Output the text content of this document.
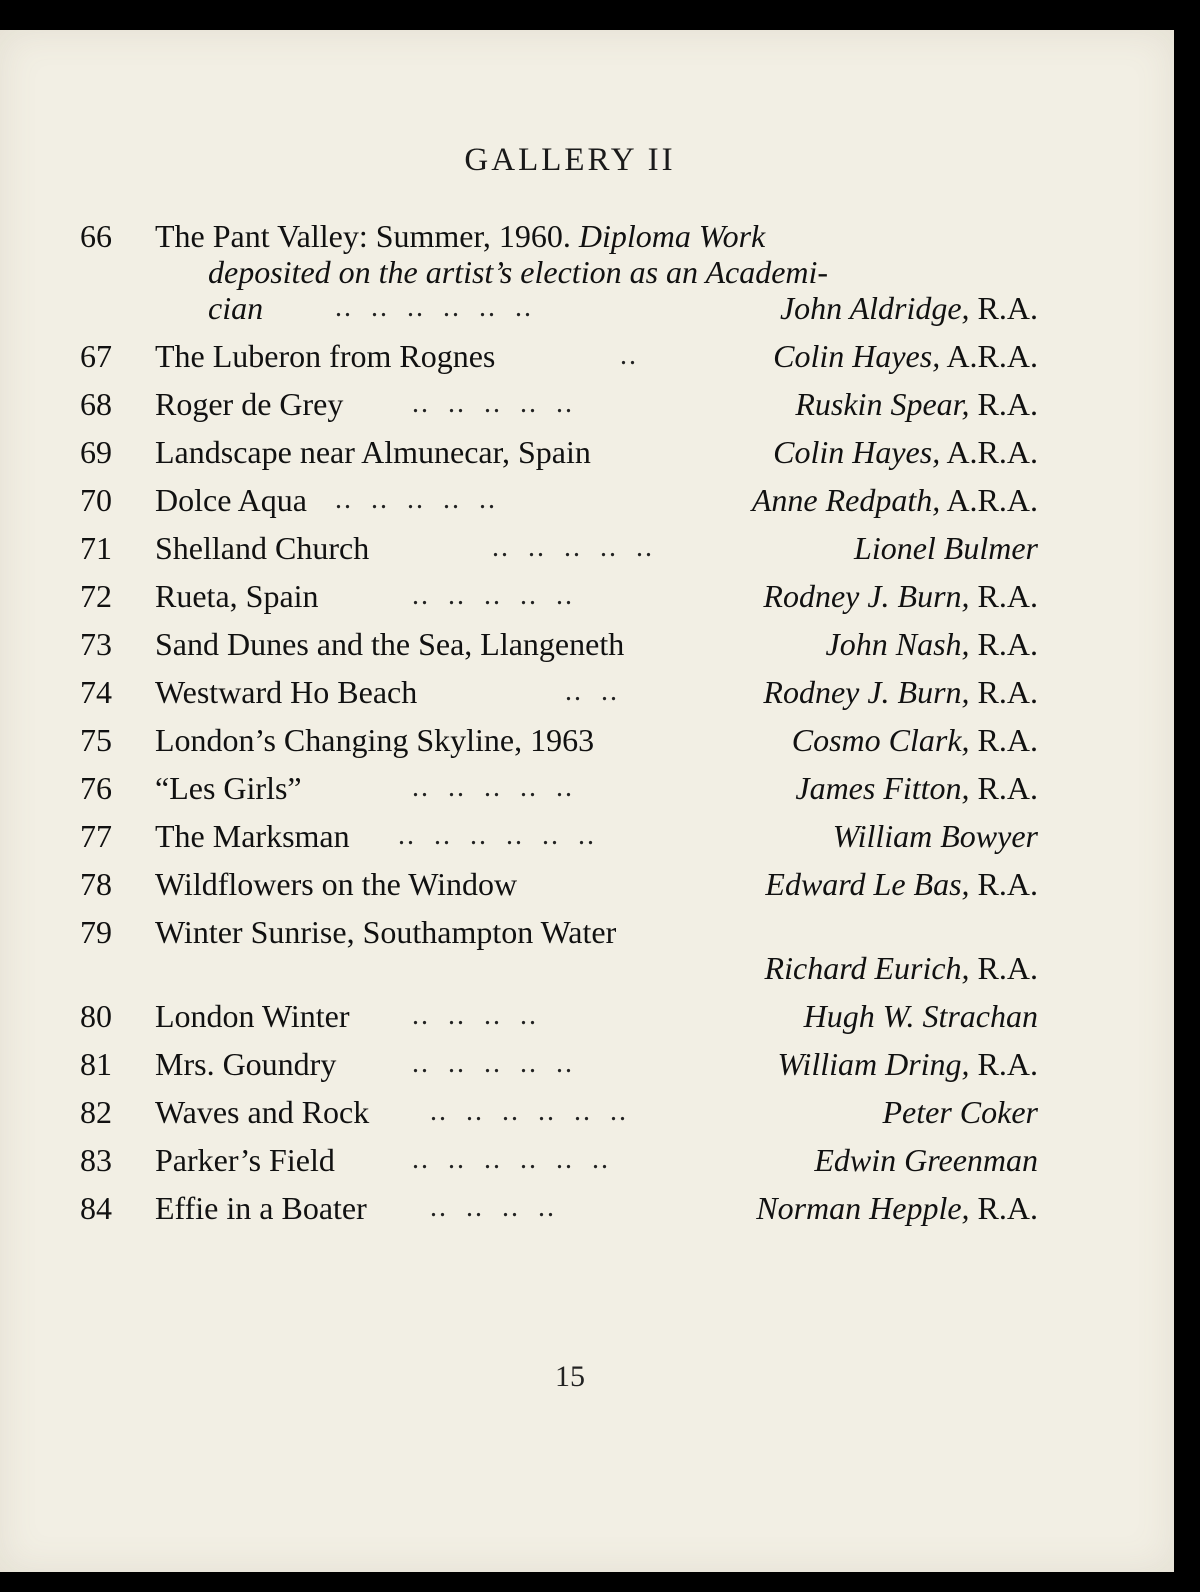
GALLERY II
66 The Pant Valley: Summer, 1960. Diploma Work
deposited on the artist’s election as an Academi-
cian	..  ..  ..  ..  ..  ..	John Aldridge, R.A.
67 The Luberon from Rognes	..	Colin Hayes, A.R.A.
68 Roger de Grey ..  ..  ..  ..  ..	Ruskin Spear, R.A.
69 Landscape near Almunecar, Spain	Colin Hayes, A.R.A.
70 Dolce Aqua ..  ..  ..  ..  ..	Anne Redpath, A.R.A.
71 Shelland Church	..  ..  ..  ..  ..	Lionel Bulmer
72 Rueta, Spain	..  ..  ..  ..  ..	Rodney J. Burn, R.A.
73 Sand Dunes and the Sea, Llangeneth	John Nash, R.A.
74 Westward Ho Beach	..  ..	Rodney J. Burn, R.A.
75 London’s Changing Skyline, 1963	Cosmo Clark, R.A.
76 “Les Girls”	..  ..  ..  ..  ..	James Fitton, R.A.
77 The Marksman ..  ..  ..  ..  ..  ..	William Bowyer
78 Wildflowers on the Window	Edward Le Bas, R.A.
79 Winter Sunrise, Southampton Water
Richard Eurich, R.A.
80 London Winter ..  ..  ..  ..	Hugh W. Strachan
81 Mrs. Goundry	..  ..  ..  ..  ..	William Dring, R.A.
82 Waves and Rock ..  ..  ..  ..  ..  ..	Peter Coker
83 Parker’s Field	..  ..  ..  ..  ..  ..	Edwin Greenman
84 Effie in a Boater ..  ..  ..  ..	Norman Hepple, R.A.
15
